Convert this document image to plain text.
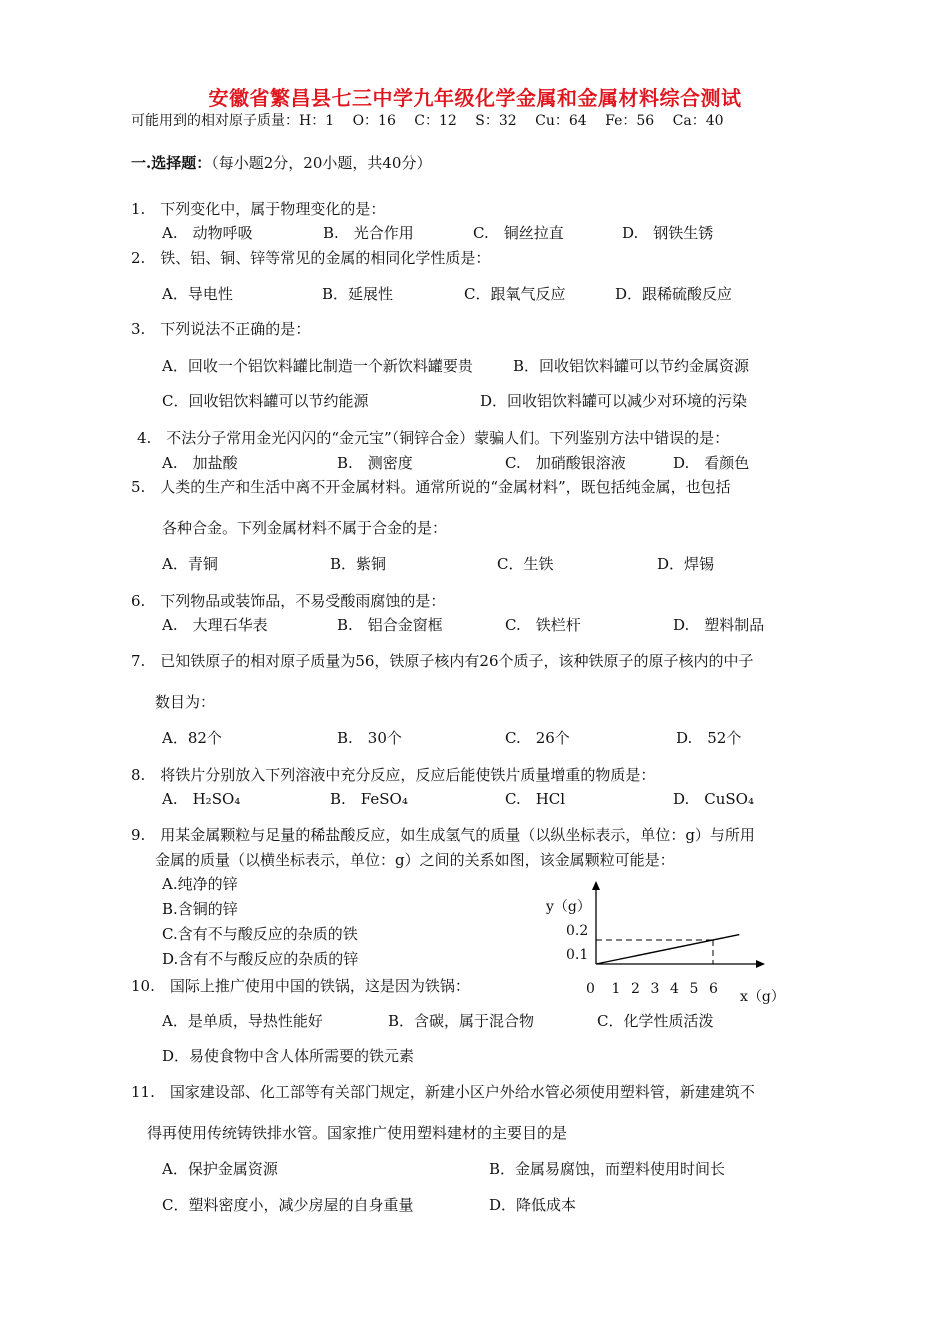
安徽省繁昌县七三中学九年级化学金属和金属材料综合测试
可能用到的相对原子质量：H：1　 O：16　 C：12　 S：32　 Cu：64　 Fe：56　 Ca：40
一.选择题：（每小题2分，20小题，共40分）
1.　下列变化中，属于物理变化的是：
A.　动物呼吸	B.　光合作用	C.　铜丝拉直	D.　钢铁生锈
2.　铁、铝、铜、锌等常见的金属的相同化学性质是：
A．导电性	B．延展性	C．跟氧气反应	D．跟稀硫酸反应
3.　下列说法不正确的是：
A．回收一个铝饮料罐比制造一个新饮料罐要贵	B．回收铝饮料罐可以节约金属资源
C．回收铝饮料罐可以节约能源	D．回收铝饮料罐可以减少对环境的污染
4.　不法分子常用金光闪闪的“金元宝”（铜锌合金）蒙骗人们。下列鉴别方法中错误的是：
A.　加盐酸	B.　测密度	C.　加硝酸银溶液	D.　看颜色
5.　人类的生产和生活中离不开金属材料。通常所说的“金属材料”，既包括纯金属，也包括
各种合金。下列金属材料不属于合金的是：
A．青铜	B．紫铜	C．生铁	D．焊锡
6.　下列物品或装饰品，不易受酸雨腐蚀的是：
A.　大理石华表	B.　铝合金窗框	C.　铁栏杆	D.　塑料制品
7.　已知铁原子的相对原子质量为56，铁原子核内有26个质子，该种铁原子的原子核内的中子
数目为：
A．82个	B.　30个	C.　26个	D.　52个
8.　将铁片分别放入下列溶液中充分反应，反应后能使铁片质量增重的物质是：
A.　H₂SO₄	B.　FeSO₄	C.　HCl	D.　CuSO₄
9.　用某金属颗粒与足量的稀盐酸反应，如生成氢气的质量（以纵坐标表示，单位：g）与所用
金属的质量（以横坐标表示，单位：g）之间的关系如图，该金属颗粒可能是：
A.纯净的锌
B.含铜的锌
C.含有不与酸反应的杂质的铁
D.含有不与酸反应的杂质的锌
0 1 2 3 4 5 6
y（g）
0.2
0.1
x（g）
10.　国际上推广使用中国的铁锅，这是因为铁锅：
A．是单质，导热性能好	B．含碳，属于混合物	C．化学性质活泼
D．易使食物中含人体所需要的铁元素
11.　国家建设部、化工部等有关部门规定，新建小区户外给水管必须使用塑料管，新建建筑不
得再使用传统铸铁排水管。国家推广使用塑料建材的主要目的是
A．保护金属资源	B．金属易腐蚀，而塑料使用时间长
C．塑料密度小，减少房屋的自身重量	D．降低成本
